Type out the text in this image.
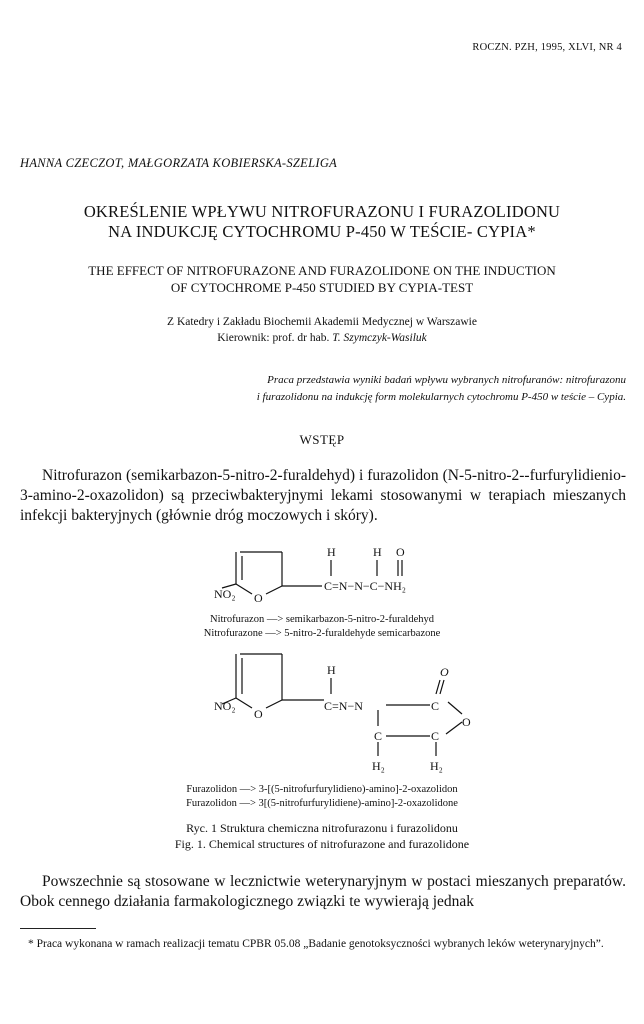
ROCZN. PZH, 1995, XLVI, NR 4
HANNA CZECZOT, MAŁGORZATA KOBIERSKA-SZELIGA
OKREŚLENIE WPŁYWU NITROFURAZONU I FURAZOLIDONU
NA INDUKCJĘ CYTOCHROMU P-450 W TEŚCIE- CYPIA*
THE EFFECT OF NITROFURAZONE AND FURAZOLIDONE ON THE INDUCTION
OF CYTOCHROME P-450 STUDIED BY CYPIA-TEST
Z Katedry i Zakładu Biochemii Akademii Medycznej w Warszawie
Kierownik: prof. dr hab. T. Szymczyk-Wasiluk
Praca przedstawia wyniki badań wpływu wybranych nitrofuranów: nitrofurazonu
i furazolidonu na indukcję form molekularnych cytochromu P-450 w teście – Cypia.
WSTĘP
Nitrofurazon (semikarbazon-5-nitro-2-furaldehyd) i furazolidon (N-5-nitro-2--furfurylidienio-3-amino-2-oxazolidon) są przeciwbakteryjnymi lekami stosowanymi w terapiach mieszanych infekcji bakteryjnych (głównie dróg moczowych i skóry).
NO₂ O
H	H O
C=N−N−C−NH₂
Nitrofurazon —> semikarbazon-5-nitro-2-furaldehyd
Nitrofurazone —> 5-nitro-2-furaldehyde semicarbazone
NO₂
O
H
C=N−N	C
O
O
C	C
H₂	H₂
Furazolidon —> 3-[(5-nitrofurfurylidieno)-amino]-2-oxazolidon
Furazolidon —> 3[(5-nitrofurfurylidiene)-amino]-2-oxazolidone
Ryc. 1 Struktura chemiczna nitrofurazonu i furazolidonu
Fig. 1. Chemical structures of nitrofurazone and furazolidone
Powszechnie są stosowane w lecznictwie weterynaryjnym w postaci mieszanych preparatów. Obok cennego działania farmakologicznego związki te wywierają jednak
* Praca wykonana w ramach realizacji tematu CPBR 05.08 „Badanie genotoksyczności wybranych leków weterynaryjnych”.
